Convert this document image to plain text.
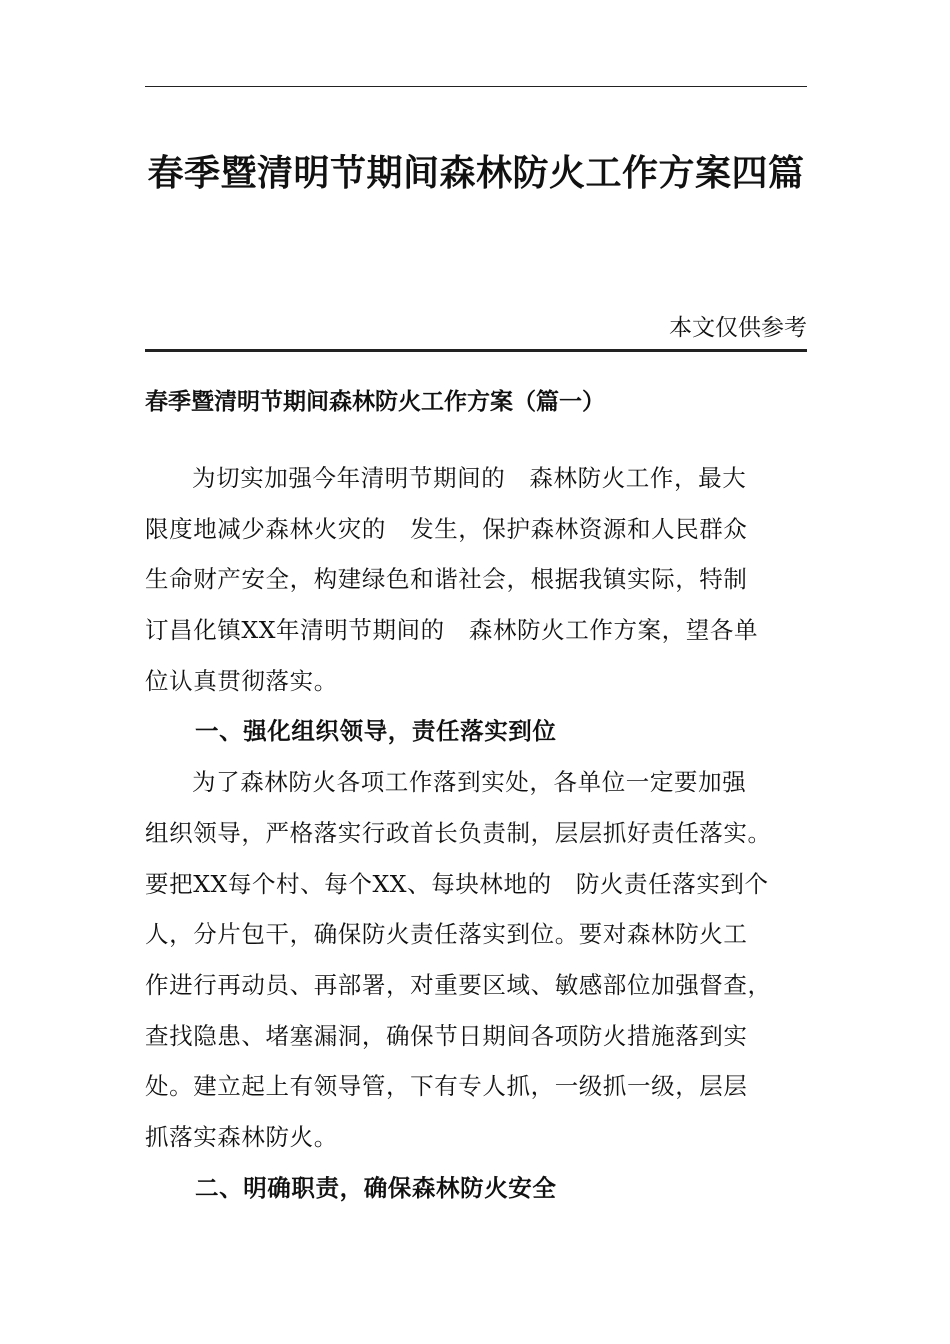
春季暨清明节期间森林防火工作方案四篇
本文仅供参考
春季暨清明节期间森林防火工作方案（篇一）
为切实加强今年清明节期间的　森林防火工作，最大
限度地减少森林火灾的　发生，保护森林资源和人民群众
生命财产安全，构建绿色和谐社会，根据我镇实际，特制
订昌化镇XX年清明节期间的　森林防火工作方案，望各单
位认真贯彻落实。
一、强化组织领导，责任落实到位
为了森林防火各项工作落到实处，各单位一定要加强
组织领导，严格落实行政首长负责制，层层抓好责任落实。
要把XX每个村、每个XX、每块林地的　防火责任落实到个
人，分片包干，确保防火责任落实到位。要对森林防火工
作进行再动员、再部署，对重要区域、敏感部位加强督查，
查找隐患、堵塞漏洞，确保节日期间各项防火措施落到实
处。建立起上有领导管，下有专人抓，一级抓一级，层层
抓落实森林防火。
二、明确职责，确保森林防火安全
